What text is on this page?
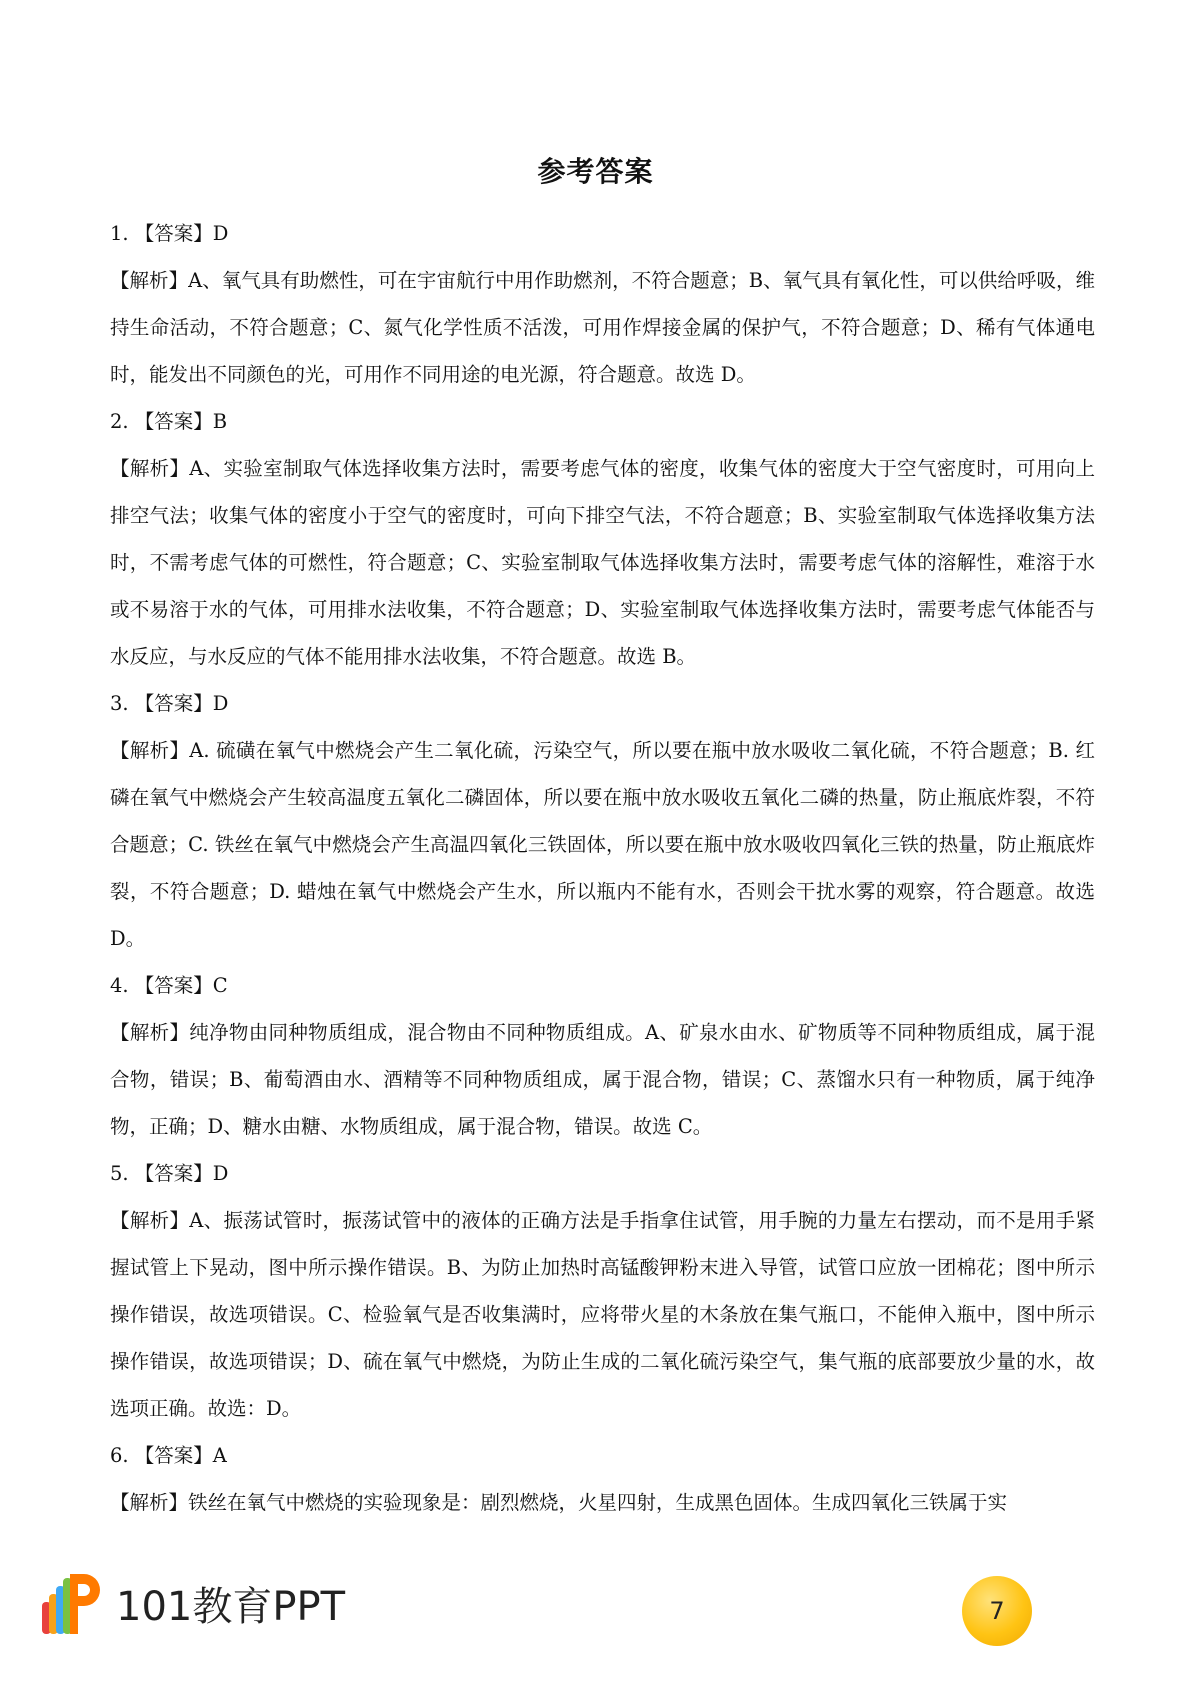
参考答案

1. 【答案】D

【解析】A、氧气具有助燃性，可在宇宙航行中用作助燃剂，不符合题意；B、氧气具有氧化性，可以供给呼吸，维持生命活动，不符合题意；C、氮气化学性质不活泼，可用作焊接金属的保护气，不符合题意；D、稀有气体通电时，能发出不同颜色的光，可用作不同用途的电光源，符合题意。故选 D。

2. 【答案】B

【解析】A、实验室制取气体选择收集方法时，需要考虑气体的密度，收集气体的密度大于空气密度时，可用向上排空气法；收集气体的密度小于空气的密度时，可向下排空气法，不符合题意；B、实验室制取气体选择收集方法时，不需考虑气体的可燃性，符合题意；C、实验室制取气体选择收集方法时，需要考虑气体的溶解性，难溶于水或不易溶于水的气体，可用排水法收集，不符合题意；D、实验室制取气体选择收集方法时，需要考虑气体能否与水反应，与水反应的气体不能用排水法收集，不符合题意。故选 B。

3. 【答案】D

【解析】A. 硫磺在氧气中燃烧会产生二氧化硫，污染空气，所以要在瓶中放水吸收二氧化硫，不符合题意；B. 红磷在氧气中燃烧会产生较高温度五氧化二磷固体，所以要在瓶中放水吸收五氧化二磷的热量，防止瓶底炸裂，不符合题意；C. 铁丝在氧气中燃烧会产生高温四氧化三铁固体，所以要在瓶中放水吸收四氧化三铁的热量，防止瓶底炸裂，不符合题意；D. 蜡烛在氧气中燃烧会产生水，所以瓶内不能有水，否则会干扰水雾的观察，符合题意。故选 D。

4. 【答案】C

【解析】纯净物由同种物质组成，混合物由不同种物质组成。A、矿泉水由水、矿物质等不同种物质组成，属于混合物，错误；B、葡萄酒由水、酒精等不同种物质组成，属于混合物，错误；C、蒸馏水只有一种物质，属于纯净物，正确；D、糖水由糖、水物质组成，属于混合物，错误。故选 C。

5. 【答案】D

【解析】A、振荡试管时，振荡试管中的液体的正确方法是手指拿住试管，用手腕的力量左右摆动，而不是用手紧握试管上下晃动，图中所示操作错误。B、为防止加热时高锰酸钾粉末进入导管，试管口应放一团棉花；图中所示操作错误，故选项错误。C、检验氧气是否收集满时，应将带火星的木条放在集气瓶口，不能伸入瓶中，图中所示操作错误，故选项错误；D、硫在氧气中燃烧，为防止生成的二氧化硫污染空气，集气瓶的底部要放少量的水，故选项正确。故选：D。

6. 【答案】A

【解析】铁丝在氧气中燃烧的实验现象是：剧烈燃烧，火星四射，生成黑色固体。生成四氧化三铁属于实

101教育PPT	7
